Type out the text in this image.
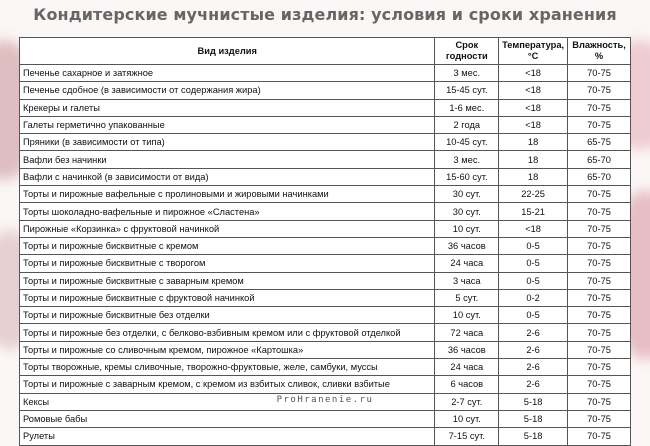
Кондитерские мучнистые изделия: условия и сроки хранения
Вид изделия	Срок годности	Температура, °С	Влажность, %
Печенье сахарное и затяжное	3 мес.	<18	70-75
Печенье сдобное (в зависимости от содержания жира)	15-45 сут.	<18	70-75
Крекеры и галеты	1-6 мес.	<18	70-75
Галеты герметично упакованные	2 года	<18	70-75
Пряники (в зависимости от типа)	10-45 сут.	18	65-75
Вафли без начинки	3 мес.	18	65-70
Вафли с начинкой (в зависимости от вида)	15-60 сут.	18	65-70
Торты и пирожные вафельные с пролиновыми и жировыми начинками	30 сут.	22-25	70-75
Торты шоколадно-вафельные и пирожное «Сластена»	30 сут.	15-21	70-75
Пирожные «Корзинка» с фруктовой начинкой	10 сут.	<18	70-75
Торты и пирожные бисквитные с кремом	36 часов	0-5	70-75
Торты и пирожные бисквитные с творогом	24 часа	0-5	70-75
Торты и пирожные бисквитные с заварным кремом	3 часа	0-5	70-75
Торты и пирожные бисквитные с фруктовой начинкой	5 сут.	0-2	70-75
Торты и пирожные бисквитные без отделки	10 сут.	0-5	70-75
Торты и пирожные без отделки, с белково-взбивным кремом или с фруктовой отделкой	72 часа	2-6	70-75
Торты и пирожные со сливочным кремом, пирожное «Картошка»	36 часов	2-6	70-75
Торты творожные, кремы сливочные, творожно-фруктовые, желе, самбуки, муссы	24 часа	2-6	70-75
Торты и пирожные с заварным кремом, с кремом из взбитых сливок, сливки взбитые	6 часов	2-6	70-75
Кексы	2-7 сут.	5-18	70-75
Ромовые бабы	10 сут.	5-18	70-75
Рулеты	7-15 сут.	5-18	70-75
ProHranenie.ru
